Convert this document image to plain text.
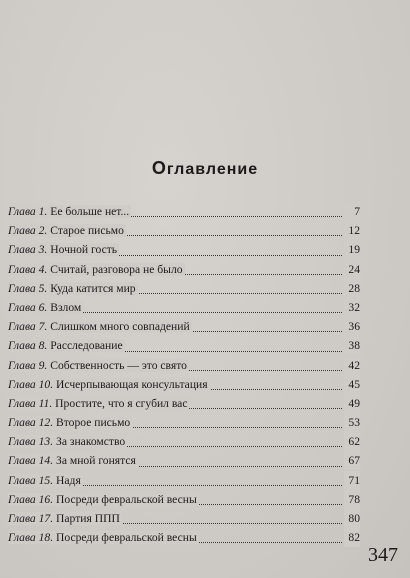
Оглавление
Глава 1. Ее больше нет...	7
Глава 2. Старое письмо	12
Глава 3. Ночной гость	19
Глава 4. Считай, разговора не было	24
Глава 5. Куда катится мир	28
Глава 6. Взлом	32
Глава 7. Слишком много совпадений	36
Глава 8. Расследование	38
Глава 9. Собственность — это свято	42
Глава 10. Исчерпывающая консультация	45
Глава 11. Простите, что я сгубил вас	49
Глава 12. Второе письмо	53
Глава 13. За знакомство	62
Глава 14. За мной гонятся	67
Глава 15. Надя	71
Глава 16. Посреди февральской весны	78
Глава 17. Партия ППП	80
Глава 18. Посреди февральской весны	82
347
